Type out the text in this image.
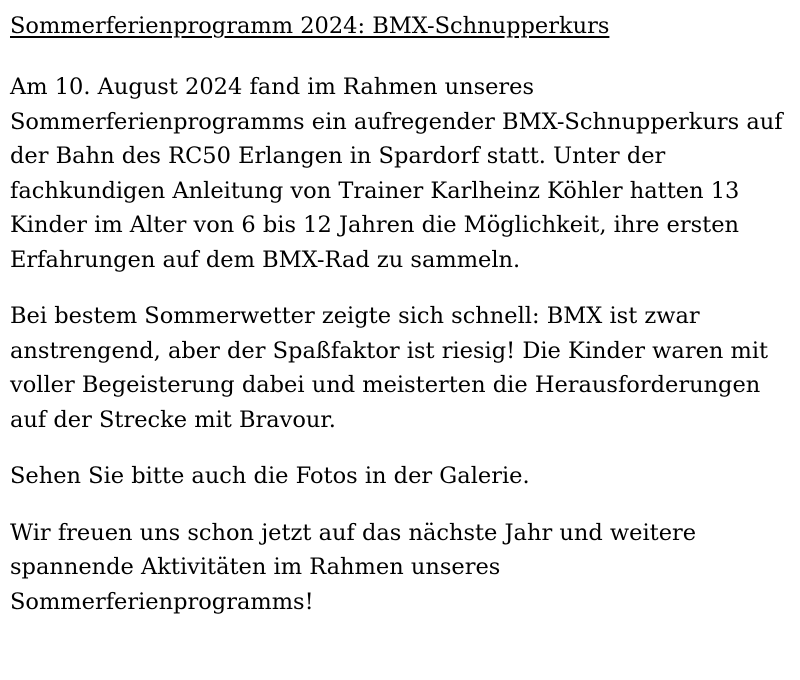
Sommerferienprogramm 2024: BMX-Schnupperkurs

Am 10. August 2024 fand im Rahmen unseres Sommerferienprogramms ein aufregender BMX-Schnupperkurs auf der Bahn des RC50 Erlangen in Spardorf statt. Unter der fachkundigen Anleitung von Trainer Karlheinz Köhler hatten 13 Kinder im Alter von 6 bis 12 Jahren die Möglichkeit, ihre ersten Erfahrungen auf dem BMX-Rad zu sammeln.

Bei bestem Sommerwetter zeigte sich schnell: BMX ist zwar anstrengend, aber der Spaßfaktor ist riesig! Die Kinder waren mit voller Begeisterung dabei und meisterten die Herausforderungen auf der Strecke mit Bravour.

Sehen Sie bitte auch die Fotos in der Galerie.

Wir freuen uns schon jetzt auf das nächste Jahr und weitere spannende Aktivitäten im Rahmen unseres Sommerferienprogramms!
